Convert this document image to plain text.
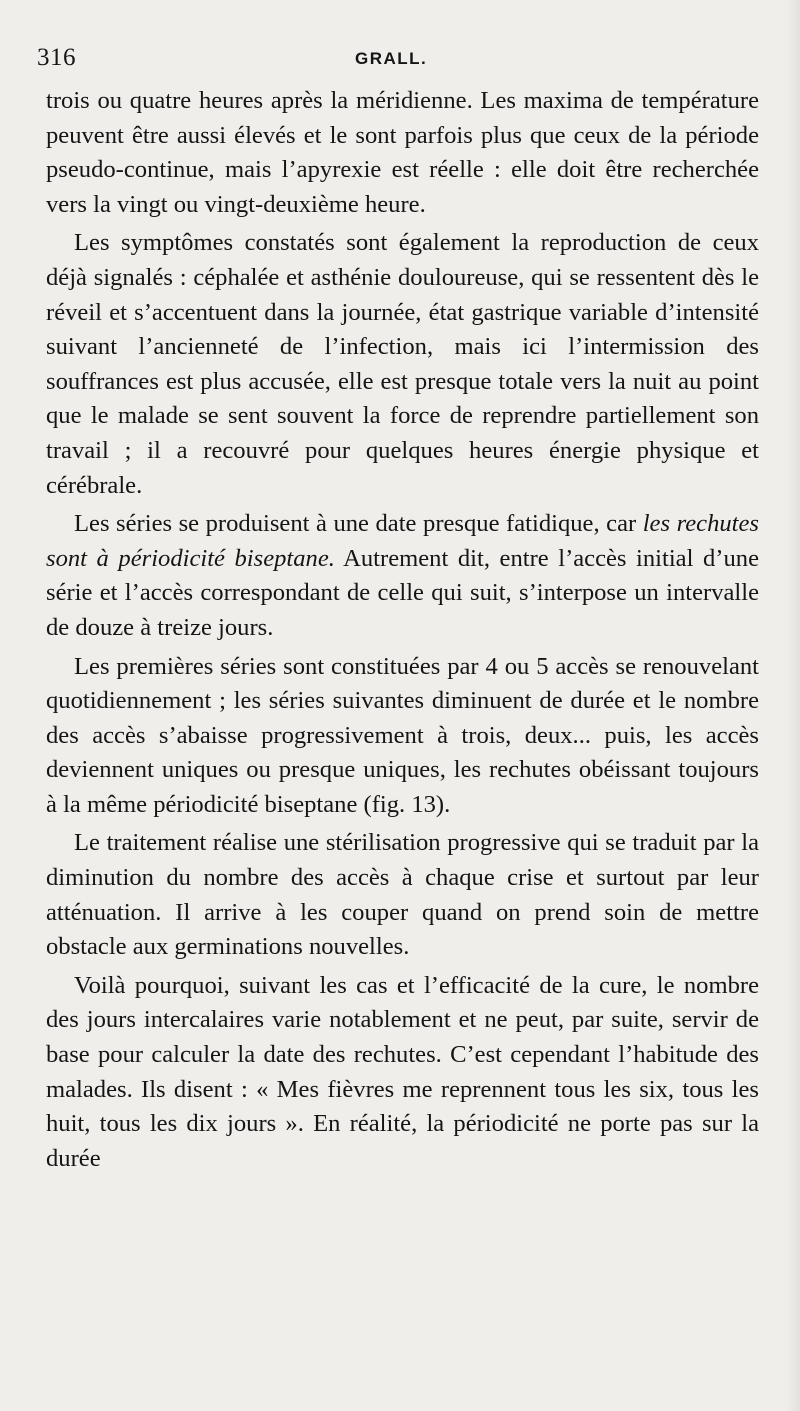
316	GRALL.

trois ou quatre heures après la méridienne. Les maxima de température peuvent être aussi élevés et le sont parfois plus que ceux de la période pseudo-continue, mais l’apyrexie est réelle : elle doit être recherchée vers la vingt ou vingt-deuxième heure.

Les symptômes constatés sont également la reproduction de ceux déjà signalés : céphalée et asthénie douloureuse, qui se ressentent dès le réveil et s’accentuent dans la journée, état gastrique variable d’intensité suivant l’ancienneté de l’infection, mais ici l’intermission des souffrances est plus accusée, elle est presque totale vers la nuit au point que le malade se sent souvent la force de reprendre partiellement son travail ; il a recouvré pour quelques heures énergie physique et cérébrale.

Les séries se produisent à une date presque fatidique, car les rechutes sont à périodicité biseptane. Autrement dit, entre l’accès initial d’une série et l’accès correspondant de celle qui suit, s’interpose un intervalle de douze à treize jours.

Les premières séries sont constituées par 4 ou 5 accès se renouvelant quotidiennement ; les séries suivantes diminuent de durée et le nombre des accès s’abaisse progressivement à trois, deux... puis, les accès deviennent uniques ou presque uniques, les rechutes obéissant toujours à la même périodicité biseptane (fig. 13).

Le traitement réalise une stérilisation progressive qui se traduit par la diminution du nombre des accès à chaque crise et surtout par leur atténuation. Il arrive à les couper quand on prend soin de mettre obstacle aux germinations nouvelles.

Voilà pourquoi, suivant les cas et l’efficacité de la cure, le nombre des jours intercalaires varie notablement et ne peut, par suite, servir de base pour calculer la date des rechutes. C’est cependant l’habitude des malades. Ils disent : « Mes fièvres me reprennent tous les six, tous les huit, tous les dix jours ». En réalité, la périodicité ne porte pas sur la durée
